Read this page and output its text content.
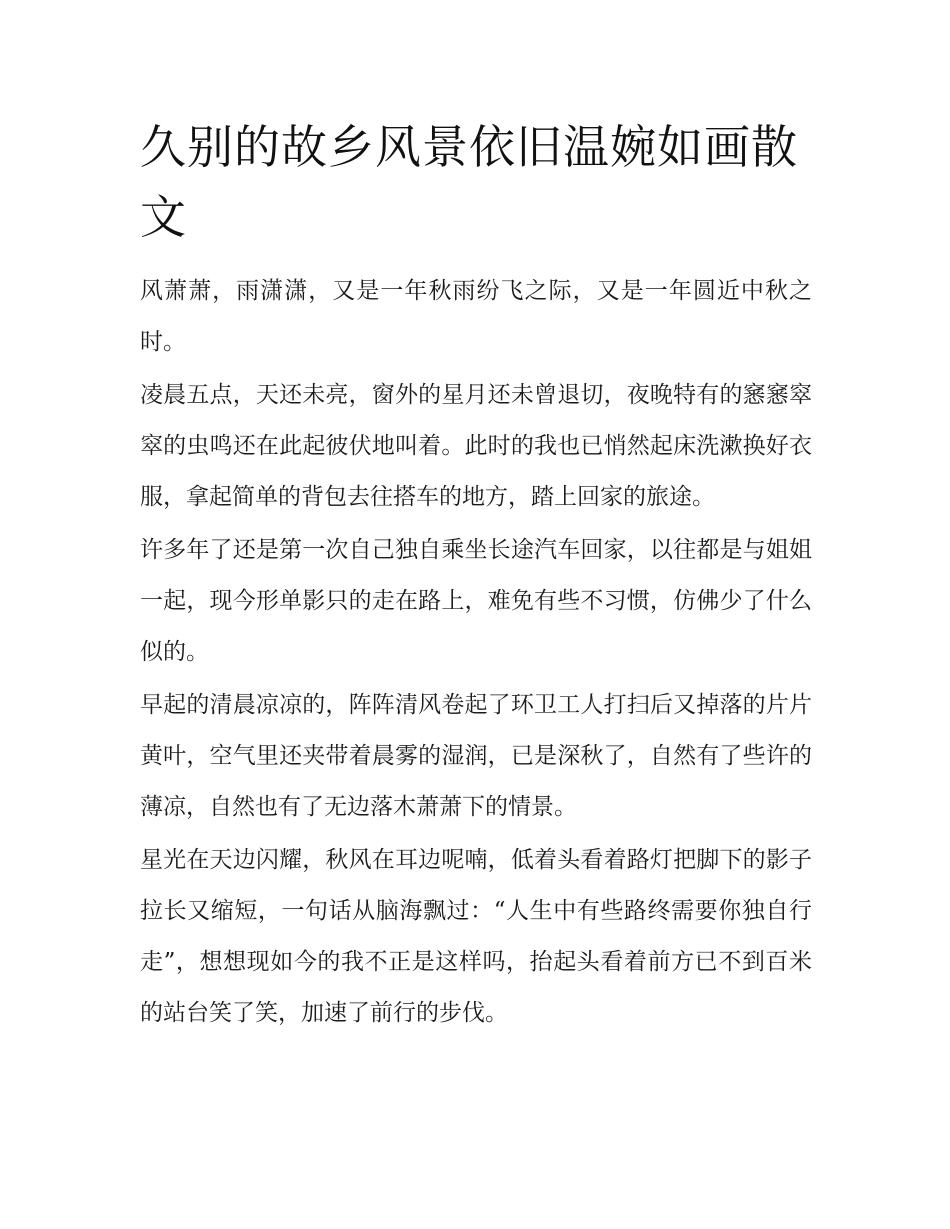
久别的故乡风景依旧温婉如画散文

风萧萧，雨潇潇，又是一年秋雨纷飞之际，又是一年圆近中秋之时。

凌晨五点，天还未亮，窗外的星月还未曾退切，夜晚特有的窸窸窣窣的虫鸣还在此起彼伏地叫着。此时的我也已悄然起床洗漱换好衣服，拿起简单的背包去往搭车的地方，踏上回家的旅途。

许多年了还是第一次自己独自乘坐长途汽车回家，以往都是与姐姐一起，现今形单影只的走在路上，难免有些不习惯，仿佛少了什么似的。

早起的清晨凉凉的，阵阵清风卷起了环卫工人打扫后又掉落的片片黄叶，空气里还夹带着晨雾的湿润，已是深秋了，自然有了些许的薄凉，自然也有了无边落木萧萧下的情景。

星光在天边闪耀，秋风在耳边呢喃，低着头看着路灯把脚下的影子拉长又缩短，一句话从脑海飘过：“人生中有些路终需要你独自行走”，想想现如今的我不正是这样吗，抬起头看着前方已不到百米的站台笑了笑，加速了前行的步伐。
